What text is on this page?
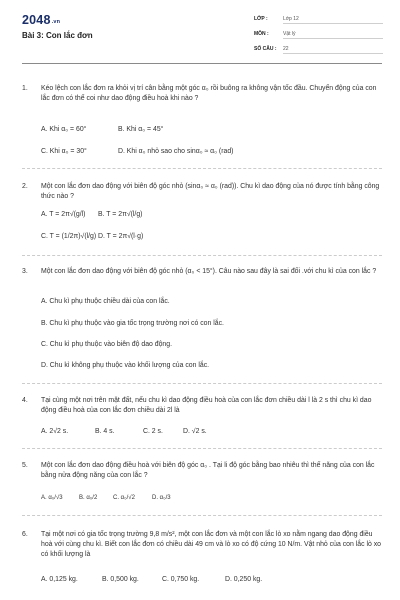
$2048_{.vn}$
Bài 3: Con lắc đơn
LỚP :	Lớp 12
MÔN :	Vật lý
SỐ CÂU : 22
1.	Kéo lệch con lắc đơn ra khỏi vị trí cân bằng một góc α₀ rồi buông ra không vận tốc đầu. Chuyển động của con lắc đơn có thể coi như dao động điều hoà khi nào ?
A. Khi α₀ = 60°	B. Khi α₀ = 45°
C. Khi α₀ = 30°	D. Khi α₀ nhỏ sao cho sinα₀ ≈ α₀ (rad)
2.	Một con lắc đơn dao động với biên độ góc nhỏ (sinα₀ ≈ α₀ (rad)). Chu kì dao động của nó được tính bằng công thức nào ?
A. T = 2π√(g/l) B. T = 2π√(l/g)
C. T = (1/2π)√(l/g) D. T = 2π√(l·g)
3.	Một con lắc đơn dao động với biên độ góc nhỏ (α₀ < 15°). Câu nào sau đây là sai đối .với chu kì của con lắc ?
A. Chu kì phụ thuộc chiều dài của con lắc.
B. Chu kì phụ thuộc vào gia tốc trọng trường nơi có con lắc.
C. Chu kì phụ thuộc vào biên độ dao động.
D. Chu kì không phụ thuộc vào khối lượng của con lắc.
4.	Tại cùng một nơi trên mặt đất, nếu chu kì dao động điều hoà của con lắc đơn chiều dài l là 2 s thì chu kì dao động điều hoà của con lắc đơn chiều dài 2l là
A. 2√2 s.	B. 4 s.	C. 2 s.	D. √2 s.
5.	Một con lắc đơn dao động điều hoà với biên độ góc α₀ . Tại li độ góc bằng bao nhiêu thì thế năng của con lắc bằng nửa động năng của con lắc ?
A. α₀/√3	B. α₀/2	C. α₀/√2	D. α₀/3
6.	Tại một nơi có gia tốc trọng trường 9,8 m/s², một con lắc đơn và một con lắc lò xo nằm ngang dao động điều hoà với cùng chu kì. Biết con lắc đơn có chiều dài 49 cm và lò xo có độ cứng 10 N/m. Vật nhỏ của con lắc lò xo có khối lượng là
A. 0,125 kg.	B. 0,500 kg.	C. 0,750 kg.	D. 0,250 kg.
